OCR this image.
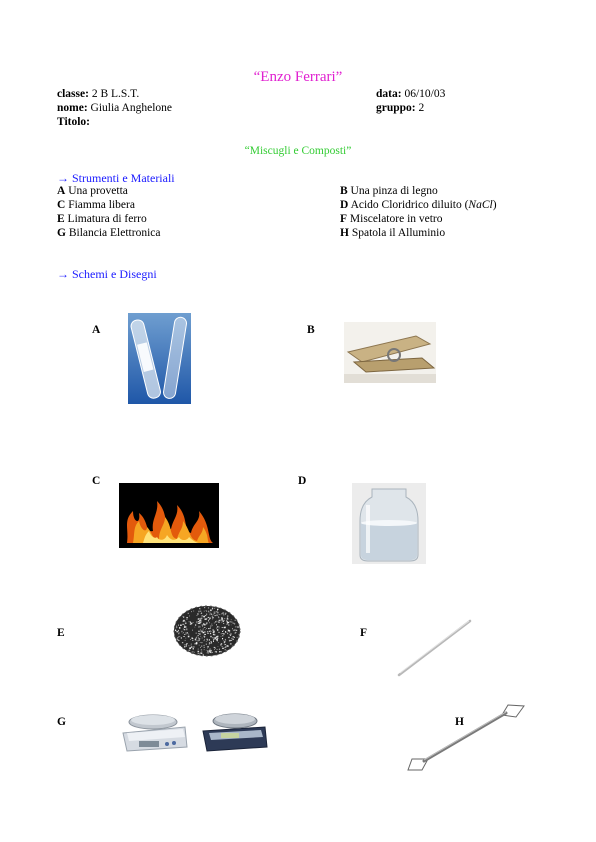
“Enzo Ferrari”
classe: 2 B L.S.T.	data: 06/10/03
nome: Giulia Anghelone	gruppo: 2
Titolo:
“Miscugli e Composti”
→ Strumenti e Materiali
A Una provetta	B Una pinza di legno
C Fiamma libera	D Acido Cloridrico diluito (NaCl)
E Limatura di ferro	F Miscelatore in vetro
G Bilancia Elettronica	H Spatola il Alluminio
→ Schemi e Disegni
A	B
C	D
E	F
G	H
